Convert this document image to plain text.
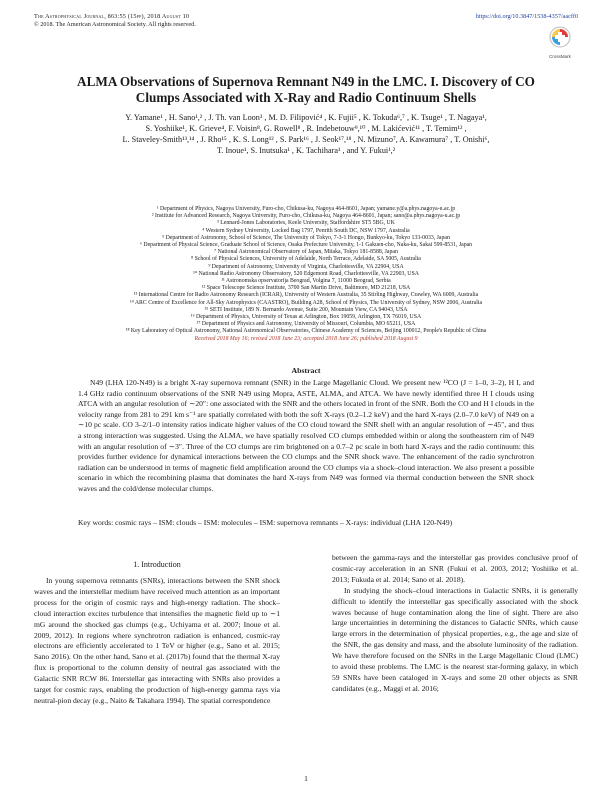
The Astrophysical Journal, 863:55 (15pp), 2018 August 10
© 2018. The American Astronomical Society. All rights reserved.
https://doi.org/10.3847/1538-4357/aacff0
CrossMark
ALMA Observations of Supernova Remnant N49 in the LMC. I. Discovery of CO Clumps Associated with X-Ray and Radio Continuum Shells
Y. Yamane¹ , H. Sano¹,² , J. Th. van Loon³ , M. D. Filipović⁴ , K. Fujii⁵ , K. Tokuda⁶,⁷ , K. Tsuge¹ , T. Nagaya¹,
S. Yoshiike¹, K. Grieve⁴, F. Voisin⁸, G. Rowell⁸ , R. Indebetouw⁹,¹⁰ , M. Lakićević¹¹ , T. Temim¹² ,
L. Staveley-Smith¹³,¹⁴ , J. Rho¹⁵ , K. S. Long¹² , S. Park¹⁶ , J. Seok¹⁷,¹⁸ , N. Mizuno⁷, A. Kawamura⁷ , T. Onishi⁶,
T. Inoue¹, S. Inutsuka¹ , K. Tachihara¹ , and Y. Fukui¹,²
¹ Department of Physics, Nagoya University, Furo-cho, Chikusa-ku, Nagoya 464-8601, Japan; yamane.y@a.phys.nagoya-u.ac.jp
² Institute for Advanced Research, Nagoya University, Furo-cho, Chikusa-ku, Nagoya 464-8601, Japan; sano@a.phys.nagoya-u.ac.jp
³ Lennard-Jones Laboratories, Keele University, Staffordshire ST5 5BG, UK
⁴ Western Sydney University, Locked Bag 1797, Penrith South DC, NSW 1797, Australia
⁵ Department of Astronomy, School of Science, The University of Tokyo, 7-3-1 Hongo, Bunkyo-ku, Tokyo 133-0033, Japan
⁶ Department of Physical Science, Graduate School of Science, Osaka Prefecture University, 1-1 Gakuen-cho, Naka-ku, Sakai 599-8531, Japan
⁷ National Astronomical Observatory of Japan, Mitaka, Tokyo 181-8588, Japan
⁸ School of Physical Sciences, University of Adelaide, North Terrace, Adelaide, SA 5005, Australia
⁹ Department of Astronomy, University of Virginia, Charlottesville, VA 22904, USA
¹⁰ National Radio Astronomy Observatory, 520 Edgemont Road, Charlottesville, VA 22903, USA
¹¹ Astronomska opservatorija Beograd, Volgina 7, 11000 Beograd, Serbia
¹² Space Telescope Science Institute, 3700 San Martin Drive, Baltimore, MD 21218, USA
¹³ International Centre for Radio Astronomy Research (ICRAR), University of Western Australia, 35 Stirling Highway, Crawley, WA 6009, Australia
¹⁴ ARC Centre of Excellence for All-Sky Astrophysics (CAASTRO), Building A28, School of Physics, The University of Sydney, NSW 2006, Australia
¹⁵ SETI Institute, 189 N. Bernardo Avenue, Suite 200, Mountain View, CA 94043, USA
¹⁶ Department of Physics, University of Texas at Arlington, Box 19059, Arlington, TX 76019, USA
¹⁷ Department of Physics and Astronomy, University of Missouri, Columbia, MO 65211, USA
¹⁸ Key Laboratory of Optical Astronomy, National Astronomical Observatories, Chinese Academy of Sciences, Beijing 100012, People's Republic of China
Received 2018 May 16; revised 2018 June 23; accepted 2018 June 26; published 2018 August 9
Abstract

N49 (LHA 120-N49) is a bright X-ray supernova remnant (SNR) in the Large Magellanic Cloud. We present new ¹²CO (J = 1–0, 3–2), H I, and 1.4 GHz radio continuum observations of the SNR N49 using Mopra, ASTE, ALMA, and ATCA. We have newly identified three H I clouds using ATCA with an angular resolution of ∼20″: one associated with the SNR and the others located in front of the SNR. Both the CO and H I clouds in the velocity range from 281 to 291 km s⁻¹ are spatially correlated with both the soft X-rays (0.2–1.2 keV) and the hard X-rays (2.0–7.0 keV) of N49 on a ∼10 pc scale. CO 3–2/1–0 intensity ratios indicate higher values of the CO cloud toward the SNR shell with an angular resolution of ∼45″, and thus a strong interaction was suggested. Using the ALMA, we have spatially resolved CO clumps embedded within or along the southeastern rim of N49 with an angular resolution of ∼3″. Three of the CO clumps are rim brightened on a 0.7–2 pc scale in both hard X-rays and the radio continuum: this provides further evidence for dynamical interactions between the CO clumps and the SNR shock wave. The enhancement of the radio synchrotron radiation can be understood in terms of magnetic field amplification around the CO clumps via a shock–cloud interaction. We also present a possible scenario in which the recombining plasma that dominates the hard X-rays from N49 was formed via thermal conduction between the SNR shock waves and the cold/dense molecular clumps.

Key words: cosmic rays – ISM: clouds – ISM: molecules – ISM: supernova remnants – X-rays: individual (LHA 120-N49)
1. Introduction

In young supernova remnants (SNRs), interactions between the SNR shock waves and the interstellar medium have received much attention as an important process for the origin of cosmic rays and high-energy radiation. The shock–cloud interaction excites turbulence that intensifies the magnetic field up to ∼1 mG around the shocked gas clumps (e.g., Uchiyama et al. 2007; Inoue et al. 2009, 2012). In regions where synchrotron radiation is enhanced, cosmic-ray electrons are efficiently accelerated to 1 TeV or higher (e.g., Sano et al. 2015; Sano 2016). On the other hand, Sano et al. (2017b) found that the thermal X-ray flux is proportional to the column density of neutral gas associated with the Galactic SNR RCW 86. Interstellar gas interacting with SNRs also provides a target for cosmic rays, enabling the production of high-energy gamma rays via neutral-pion decay (e.g., Naito & Takahara 1994). The spatial correspondence

between the gamma-rays and the interstellar gas provides conclusive proof of cosmic-ray acceleration in an SNR (Fukui et al. 2003, 2012; Yoshiike et al. 2013; Fukuda et al. 2014; Sano et al. 2018).

In studying the shock–cloud interactions in Galactic SNRs, it is generally difficult to identify the interstellar gas specifically associated with the shock waves because of huge contamination along the line of sight. There are also large uncertainties in determining the distances to Galactic SNRs, which cause large errors in the determination of physical properties, e.g., the age and size of the SNR, the gas density and mass, and the absolute luminosity of the radiation. We have therefore focused on the SNRs in the Large Magellanic Cloud (LMC) to avoid these problems. The LMC is the nearest star-forming galaxy, in which 59 SNRs have been cataloged in X-rays and some 20 other objects as SNR candidates (e.g., Maggi et al. 2016;

1
